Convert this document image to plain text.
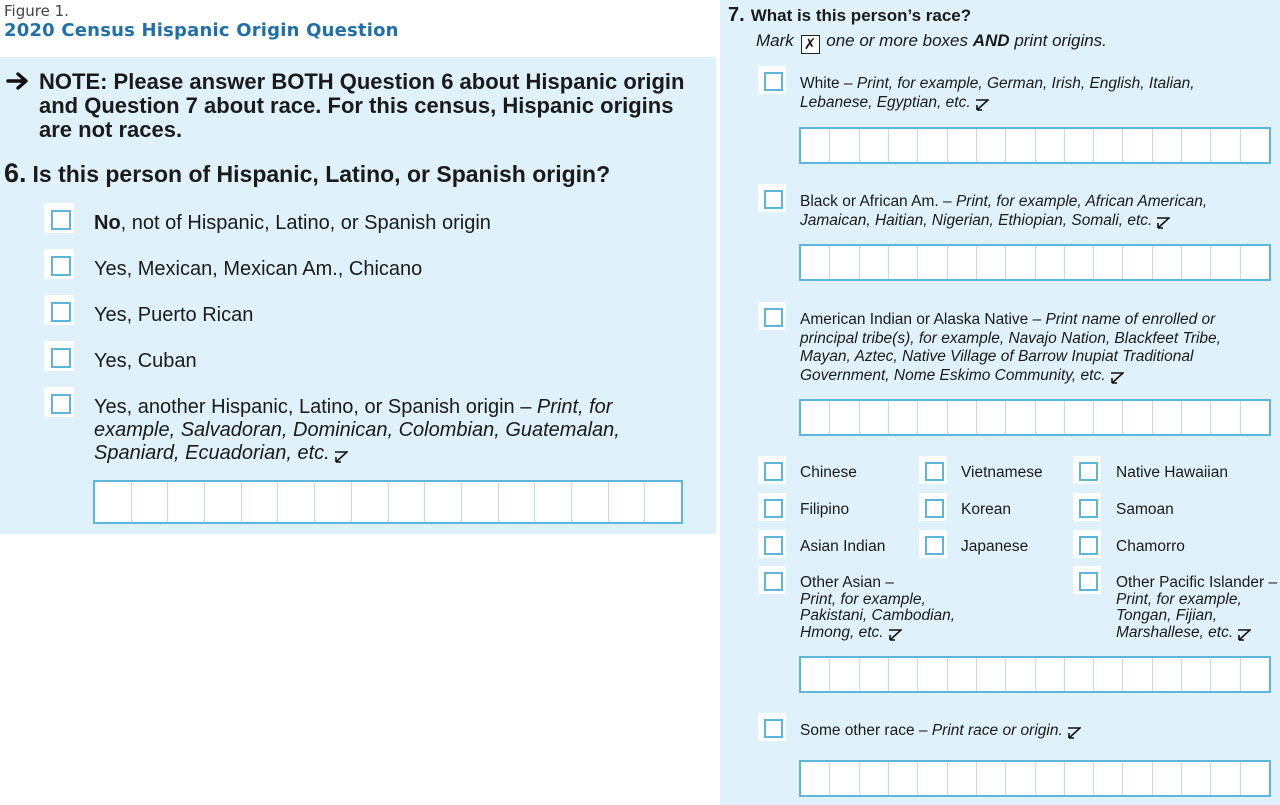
Figure 1.
2020 Census Hispanic Origin Question
NOTE: Please answer BOTH Question 6 about Hispanic origin and Question 7 about race. For this census, Hispanic origins are not races.
6. Is this person of Hispanic, Latino, or Spanish origin?
No, not of Hispanic, Latino, or Spanish origin
Yes, Mexican, Mexican Am., Chicano
Yes, Puerto Rican
Yes, Cuban
Yes, another Hispanic, Latino, or Spanish origin – Print, for example, Salvadoran, Dominican, Colombian, Guatemalan, Spaniard, Ecuadorian, etc.
7. What is this person’s race?
Mark ✗ one or more boxes AND print origins.
White – Print, for example, German, Irish, English, Italian, Lebanese, Egyptian, etc.
Black or African Am. – Print, for example, African American, Jamaican, Haitian, Nigerian, Ethiopian, Somali, etc.
American Indian or Alaska Native – Print name of enrolled or principal tribe(s), for example, Navajo Nation, Blackfeet Tribe, Mayan, Aztec, Native Village of Barrow Inupiat Traditional Government, Nome Eskimo Community, etc.
Chinese	Vietnamese	Native Hawaiian
Filipino	Korean	Samoan
Asian Indian	Japanese	Chamorro
Other Asian –
Print, for example, Pakistani, Cambodian, Hmong, etc.
Other Pacific Islander –
Print, for example, Tongan, Fijian, Marshallese, etc.
Some other race – Print race or origin.
